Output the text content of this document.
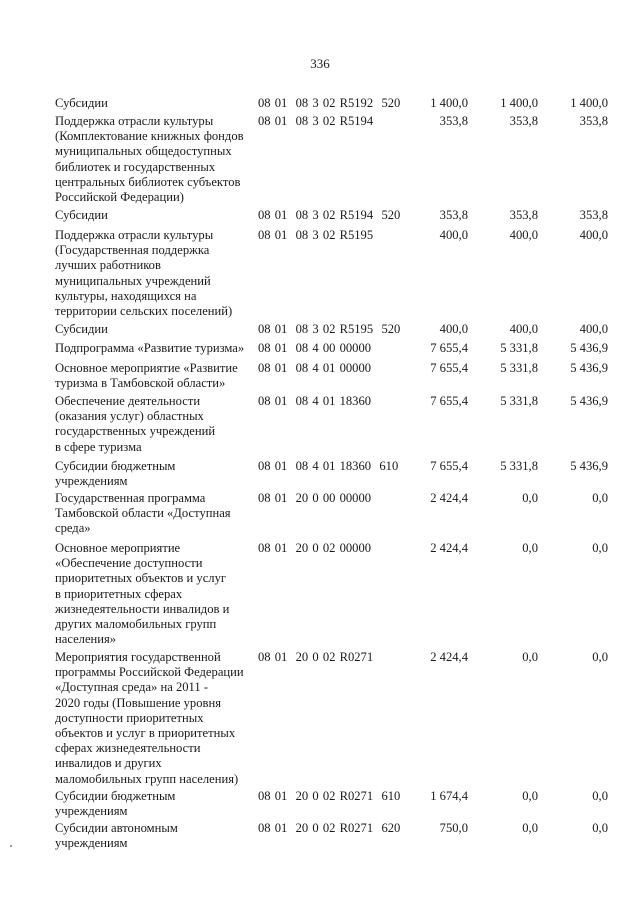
336
Субсидии	08 01  08 3 02 R5192  520	1 400,0	1 400,0	1 400,0
Поддержка отрасли культуры
(Комплектование книжных фондов
муниципальных общедоступных
библиотек и государственных
центральных библиотек субъектов
Российской Федерации)
08 01  08 3 02 R5194	353,8	353,8	353,8
Субсидии	08 01  08 3 02 R5194  520	353,8	353,8	353,8
Поддержка отрасли культуры
(Государственная поддержка
лучших работников
муниципальных учреждений
культуры, находящихся на
территории сельских поселений)
08 01  08 3 02 R5195	400,0	400,0	400,0
Субсидии	08 01  08 3 02 R5195  520	400,0	400,0	400,0
Подпрограмма «Развитие туризма»	08 01  08 4 00 00000	7 655,4	5 331,8	5 436,9
Основное мероприятие «Развитие
туризма в Тамбовской области»
08 01  08 4 01 00000	7 655,4	5 331,8	5 436,9
Обеспечение деятельности
(оказания услуг) областных
государственных учреждений
в сфере туризма
08 01  08 4 01 18360	7 655,4	5 331,8	5 436,9
Субсидии бюджетным
учреждениям
08 01  08 4 01 18360  610	7 655,4	5 331,8	5 436,9
Государственная программа
Тамбовской области «Доступная
среда»
08 01  20 0 00 00000	2 424,4	0,0	0,0
Основное мероприятие
«Обеспечение доступности
приоритетных объектов и услуг
в приоритетных сферах
жизнедеятельности инвалидов и
других маломобильных групп
населения»
08 01  20 0 02 00000	2 424,4	0,0	0,0
Мероприятия государственной
программы Российской Федерации
«Доступная среда» на 2011 -
2020 годы (Повышение уровня
доступности приоритетных
объектов и услуг в приоритетных
сферах жизнедеятельности
инвалидов и других
маломобильных групп населения)
08 01  20 0 02 R0271	2 424,4	0,0	0,0
Субсидии бюджетным
учреждениям
08 01  20 0 02 R0271  610	1 674,4	0,0	0,0
Субсидии автономным
учреждениям
08 01  20 0 02 R0271  620	750,0	0,0	0,0
